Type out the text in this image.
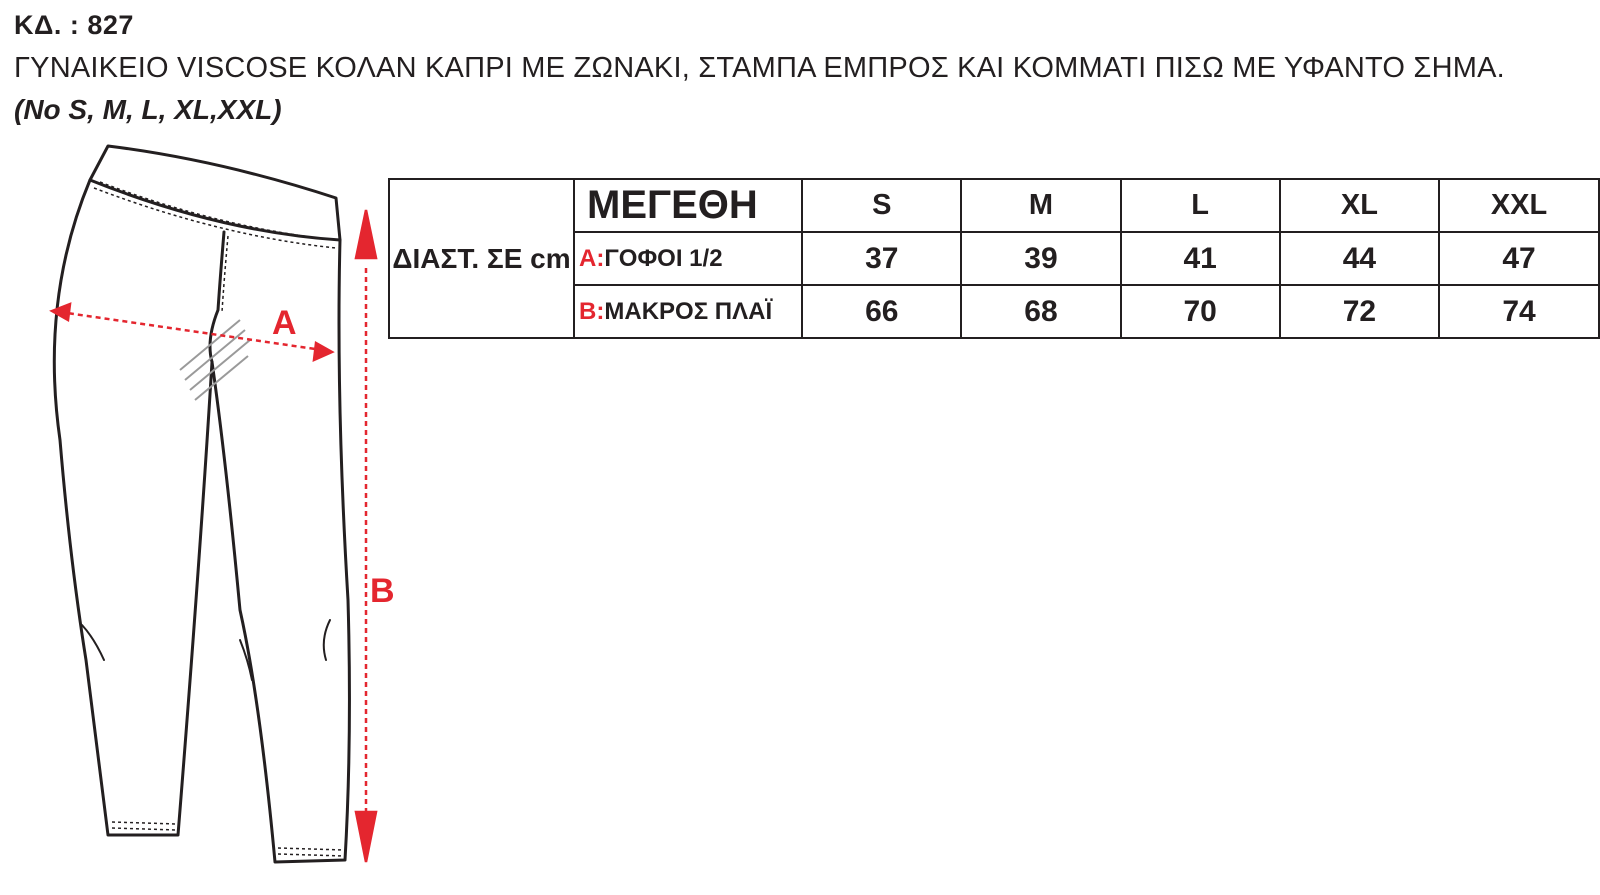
ΚΔ. : 827
ΓΥΝΑΙΚΕΙΟ VISCOSE ΚΟΛΑΝ ΚΑΠΡΙ ΜΕ ΖΩΝΑΚΙ, ΣΤΑΜΠΑ ΕΜΠΡΟΣ ΚΑΙ ΚΟΜΜΑΤΙ ΠΙΣΩ ΜΕ ΥΦΑΝΤΟ ΣΗΜΑ.
(No S, M, L, XL,XXL)
A
B
ΔΙΑΣΤ. ΣΕ cm	ΜΕΓΕΘΗ	S	M	L	XL	XXL
	A:ΓΟΦΟΙ 1/2	37	39	41	44	47
	B:ΜΑΚΡΟΣ ΠΛΑΪ	66	68	70	72	74
